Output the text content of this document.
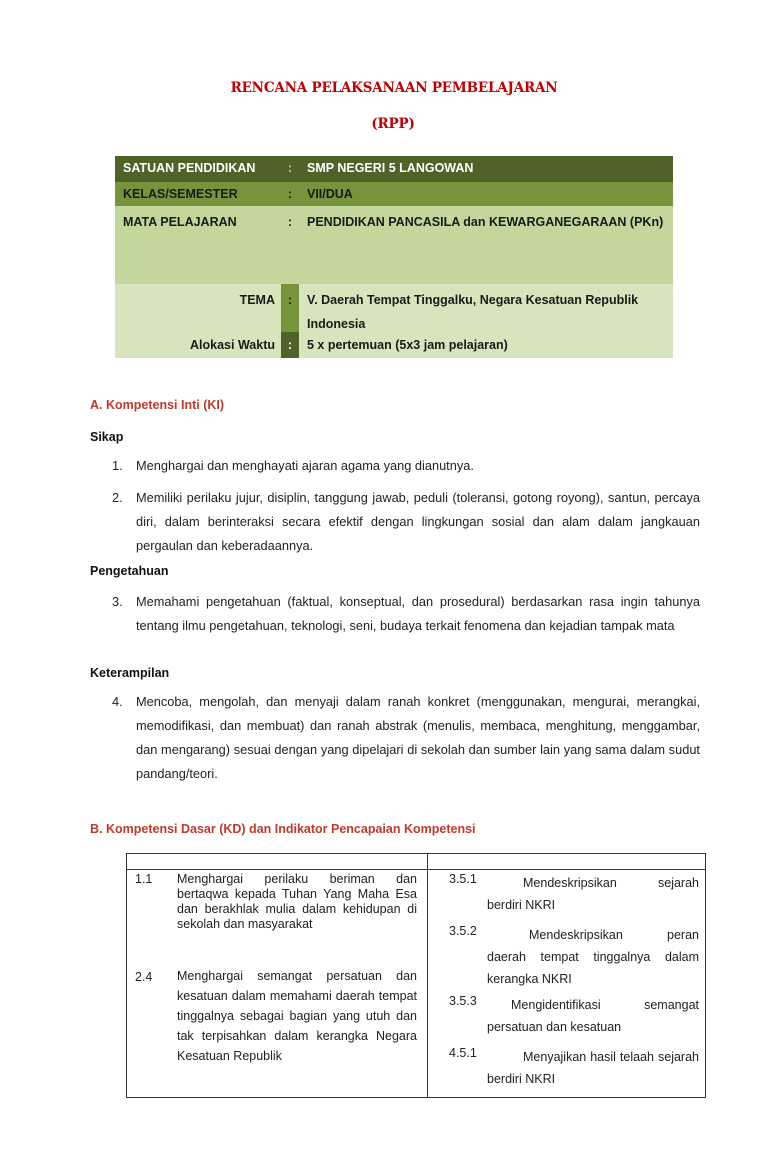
RENCANA PELAKSANAAN PEMBELAJARAN
(RPP)
SATUAN PENDIDIKAN	:	SMP NEGERI 5 LANGOWAN
KELAS/SEMESTER	:	VII/DUA
MATA PELAJARAN	:	PENDIDIKAN PANCASILA dan KEWARGANEGARAAN (PKn)
TEMA	:	V. Daerah Tempat Tinggalku, Negara Kesatuan Republik Indonesia
Alokasi Waktu	:	5 x pertemuan (5x3 jam pelajaran)
A. Kompetensi Inti (KI)
Sikap
1. Menghargai dan menghayati ajaran agama yang dianutnya.
2. Memiliki perilaku jujur, disiplin, tanggung jawab, peduli (toleransi, gotong royong), santun, percaya diri, dalam berinteraksi secara efektif dengan lingkungan sosial dan alam dalam jangkauan pergaulan dan keberadaannya.
Pengetahuan
3. Memahami pengetahuan (faktual, konseptual, dan prosedural) berdasarkan rasa ingin tahunya tentang ilmu pengetahuan, teknologi, seni, budaya terkait fenomena dan kejadian tampak mata
Keterampilan
4. Mencoba, mengolah, dan menyaji dalam ranah konkret (menggunakan, mengurai, merangkai, memodifikasi, dan membuat) dan ranah abstrak (menulis, membaca, menghitung, menggambar, dan mengarang) sesuai dengan yang dipelajari di sekolah dan sumber lain yang sama dalam sudut pandang/teori.
B. Kompetensi Dasar (KD) dan Indikator Pencapaian Kompetensi
1.1 Menghargai perilaku beriman dan bertaqwa kepada Tuhan Yang Maha Esa dan berakhlak mulia dalam kehidupan di sekolah dan masyarakat
2.4 Menghargai semangat persatuan dan kesatuan dalam memahami daerah tempat tinggalnya sebagai bagian yang utuh dan tak terpisahkan dalam kerangka Negara Kesatuan Republik
3.5.1	Mendeskripsikan sejarah berdiri NKRI
3.5.2	Mendeskripsikan peran daerah tempat tinggalnya dalam kerangka NKRI
3.5.3	Mengidentifikasi semangat persatuan dan kesatuan
4.5.1	Menyajikan hasil telaah sejarah berdiri NKRI
